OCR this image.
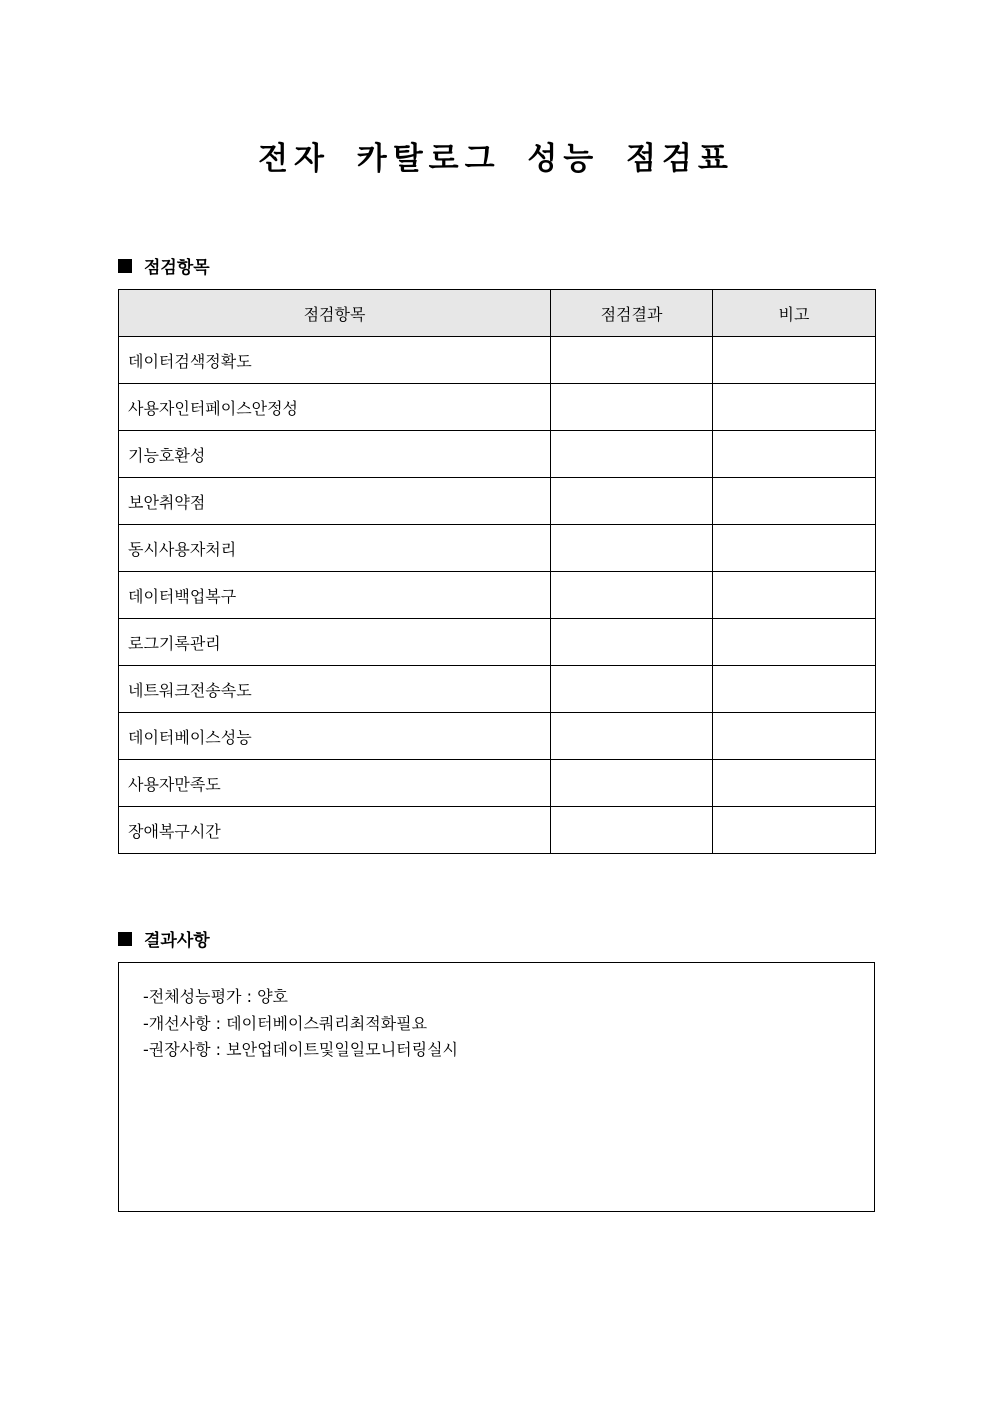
전자 카탈로그 성능 점검표
점검항목
점검항목	점검결과	비고
데이터검색정확도		
사용자인터페이스안정성		
기능호환성		
보안취약점		
동시사용자처리		
데이터백업복구		
로그기록관리		
네트워크전송속도		
데이터베이스성능		
사용자만족도		
장애복구시간		
결과사항
-전체성능평가 : 양호
-개선사항 : 데이터베이스쿼리최적화필요
-권장사항 : 보안업데이트및일일모니터링실시
